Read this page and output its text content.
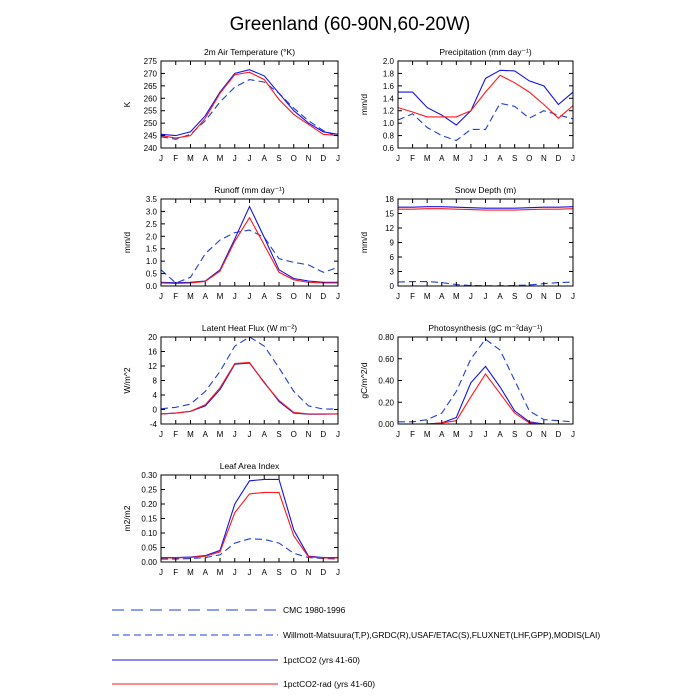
Greenland (60-90N,60-20W)
2m Air Temperature (°K)
K
J F M A M J J A S O N D J
240
245
250
255
260
265
270
275
Precipitation (mm day⁻¹)
mm/d
J F M A M J J A S O N D J
0.6
0.8
1.0
1.2
1.4
1.6
1.8
2.0
Runoff (mm day⁻¹)
mm/d
J F M A M J J A S O N D J
0.0
0.5
1.0
1.5
2.0
2.5
3.0
3.5
Snow Depth (m)
mm/d
J F M A M J J A S O N D J
0
3
6
9
12
15
18
Latent Heat Flux (W m⁻²)
W/m^2
J F M A M J J A S O N D J
-4
0
4
8
12
16
20
Photosynthesis (gC m⁻²day⁻¹)
gC/m^2/d
J F M A M J J A S O N D J
0.00
0.20
0.40
0.60
0.80
Leaf Area Index
m2/m2
J F M A M J J A S O N D J
0.00
0.05
0.10
0.15
0.20
0.25
0.30
CMC 1980-1996
Willmott-Matsuura(T,P),GRDC(R),USAF/ETAC(S),FLUXNET(LHF,GPP),MODIS(LAI)
1pctCO2 (yrs 41-60)
1pctCO2-rad (yrs 41-60)
